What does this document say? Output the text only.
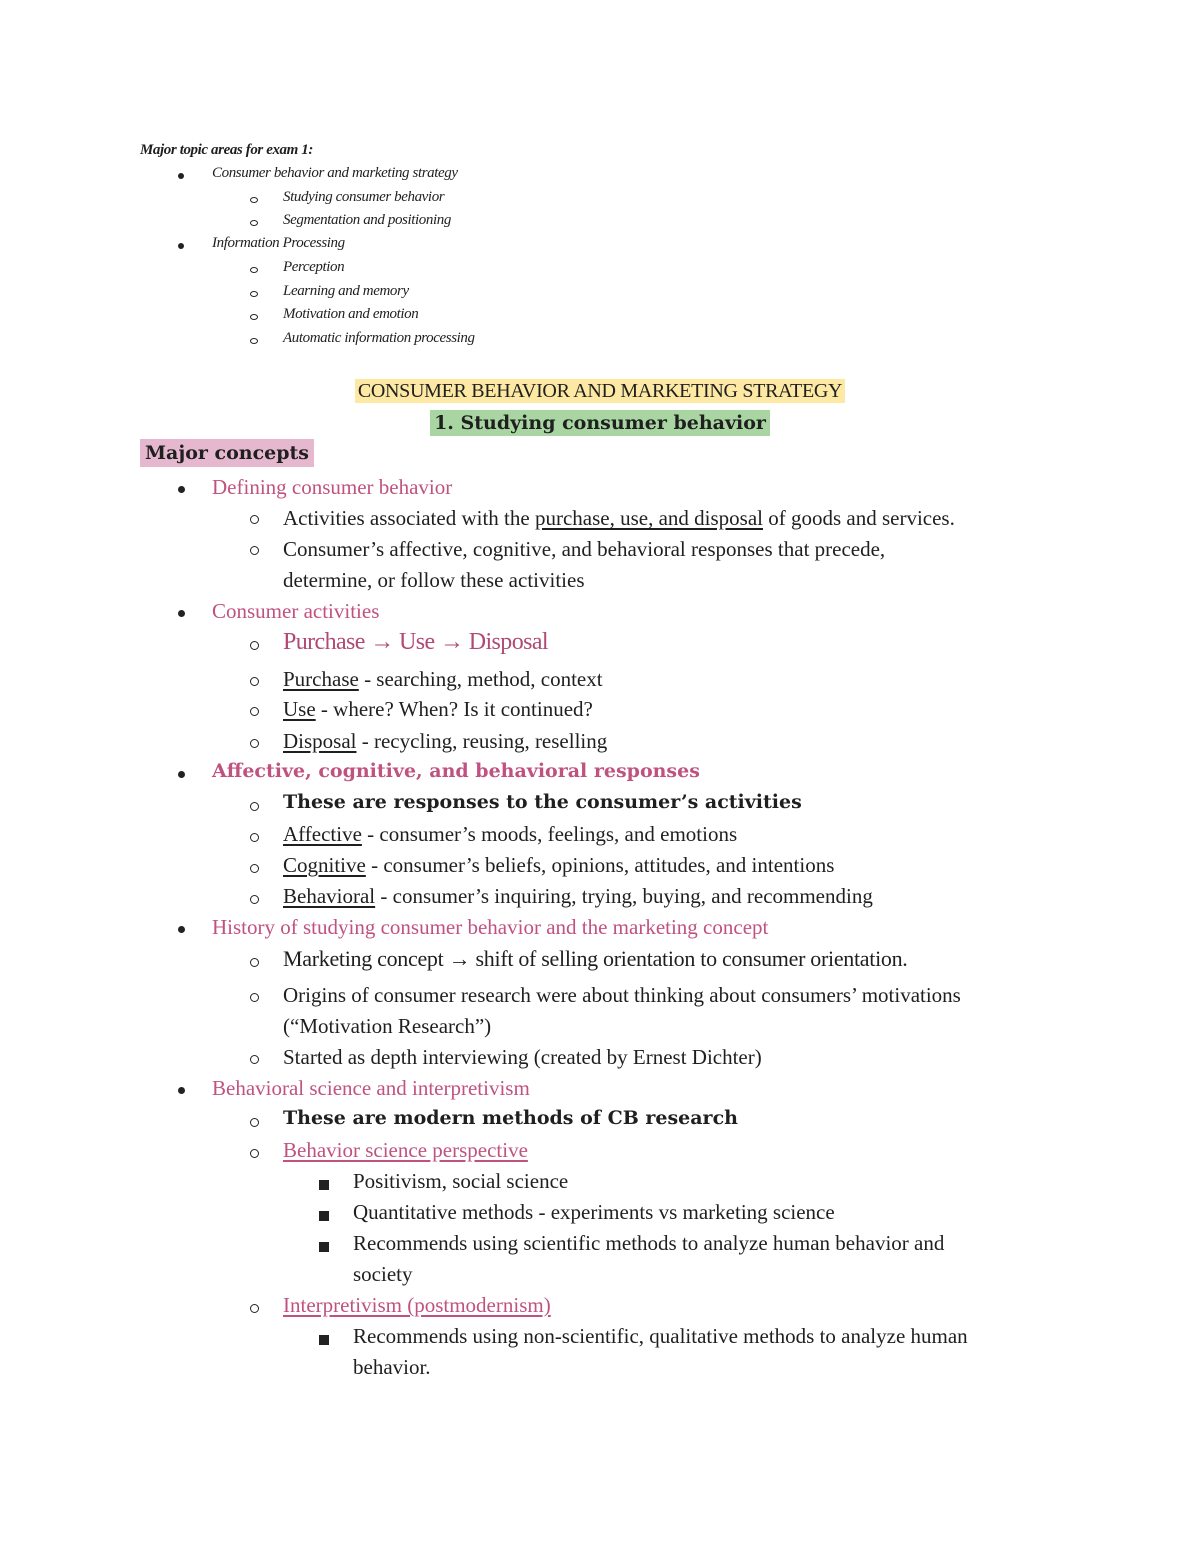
Major topic areas for exam 1:
Consumer behavior and marketing strategy
Studying consumer behavior
Segmentation and positioning
Information Processing
Perception
Learning and memory
Motivation and emotion
Automatic information processing
CONSUMER BEHAVIOR AND MARKETING STRATEGY
1. Studying consumer behavior
Major concepts
Defining consumer behavior
Activities associated with the purchase, use, and disposal of goods and services.
Consumer’s affective, cognitive, and behavioral responses that precede,
determine, or follow these activities
Consumer activities
Purchase → Use → Disposal
Purchase - searching, method, context
Use - where? When? Is it continued?
Disposal - recycling, reusing, reselling
Affective, cognitive, and behavioral responses
These are responses to the consumer’s activities
Affective - consumer’s moods, feelings, and emotions
Cognitive - consumer’s beliefs, opinions, attitudes, and intentions
Behavioral - consumer’s inquiring, trying, buying, and recommending
History of studying consumer behavior and the marketing concept
Marketing concept → shift of selling orientation to consumer orientation.
Origins of consumer research were about thinking about consumers’ motivations
(“Motivation Research”)
Started as depth interviewing (created by Ernest Dichter)
Behavioral science and interpretivism
These are modern methods of CB research
Behavior science perspective
Positivism, social science
Quantitative methods - experiments vs marketing science
Recommends using scientific methods to analyze human behavior and
society
Interpretivism (postmodernism)
Recommends using non-scientific, qualitative methods to analyze human
behavior.
